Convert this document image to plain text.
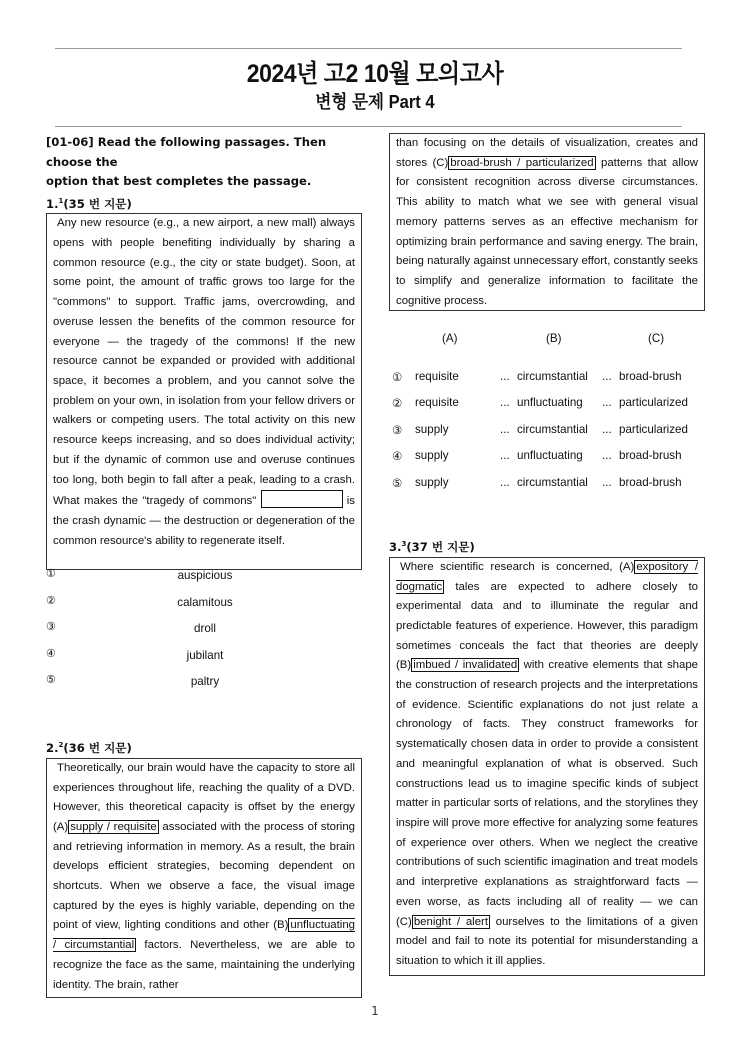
2024년 고2 10월 모의고사
변형 문제 Part 4
[01-06] Read the following passages. Then choose the
option that best completes the passage.
1.$^1$(35 번 지문)

Any new resource (e.g., a new airport, a new mall) always opens with people benefiting individually by sharing a common resource (e.g., the city or state budget). Soon, at some point, the amount of traffic grows too large for the "commons" to support. Traffic jams, overcrowding, and overuse lessen the benefits of the common resource for everyone — the tragedy of the commons! If the new resource cannot be expanded or provided with additional space, it becomes a problem, and you cannot solve the problem on your own, in isolation from your fellow drivers or walkers or competing users. The total activity on this new resource keeps increasing, and so does individual activity; but if the dynamic of common use and overuse continues too long, both begin to fall after a peak, leading to a crash. What makes the "tragedy of commons"	is the crash dynamic — the destruction or degeneration of the common resource's ability to regenerate itself.

①	auspicious
②	calamitous
③	droll
④	jubilant
⑤	paltry
2.$^2$(36 번 지문)

Theoretically, our brain would have the capacity to store all experiences throughout life, reaching the quality of a DVD. However, this theoretical capacity is offset by the energy (A) supply / requisite associated with the process of storing and retrieving information in memory. As a result, the brain develops efficient strategies, becoming dependent on shortcuts. When we observe a face, the visual image captured by the eyes is highly variable, depending on the point of view, lighting conditions and other (B) unfluctuating / circumstantial factors. Nevertheless, we are able to recognize the face as the same, maintaining the underlying identity. The brain, rather

than focusing on the details of visualization, creates and stores (C) broad-brush / particularized patterns that allow for consistent recognition across diverse circumstances. This ability to match what we see with general visual memory patterns serves as an effective mechanism for optimizing brain performance and saving energy. The brain, being naturally against unnecessary effort, constantly seeks to simplify and generalize information to facilitate the cognitive process.

(A)	(B)	(C)
① requisite	... circumstantial ... broad-brush
② requisite	... unfluctuating ... particularized
③ supply	... circumstantial ... particularized
④ supply	... unfluctuating ... broad-brush
⑤ supply	... circumstantial ... broad-brush
3.$^3$(37 번 지문)

Where scientific research is concerned, (A) expository / dogmatic tales are expected to adhere closely to experimental data and to illuminate the regular and predictable features of experience. However, this paradigm sometimes conceals the fact that theories are deeply (B) imbued / invalidated with creative elements that shape the construction of research projects and the interpretations of evidence. Scientific explanations do not just relate a chronology of facts. They construct frameworks for systematically chosen data in order to provide a consistent and meaningful explanation of what is observed. Such constructions lead us to imagine specific kinds of subject matter in particular sorts of relations, and the storylines they inspire will prove more effective for analyzing some features of experience over others. When we neglect the creative contributions of such scientific imagination and treat models and interpretive explanations as straightforward facts — even worse, as facts including all of reality — we can (C) benight / alert ourselves to the limitations of a given model and fail to note its potential for misunderstanding a situation to which it ill applies.

1
